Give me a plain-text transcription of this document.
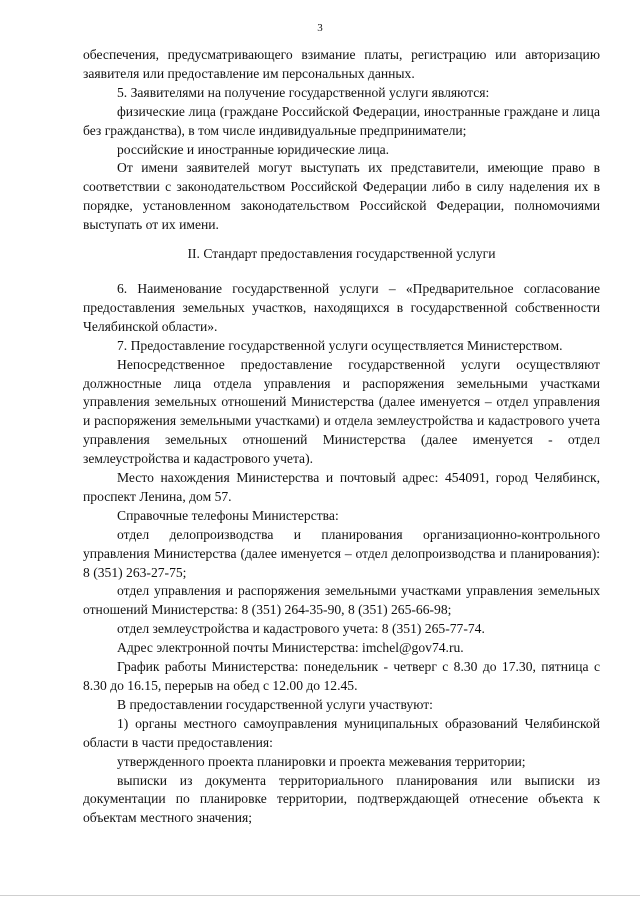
3

обеспечения, предусматривающего взимание платы, регистрацию или авторизацию заявителя или предоставление им персональных данных.

5. Заявителями на получение государственной услуги являются:

физические лица (граждане Российской Федерации, иностранные граждане и лица без гражданства), в том числе индивидуальные предприниматели;

российские и иностранные юридические лица.

От имени заявителей могут выступать их представители, имеющие право в соответствии с законодательством Российской Федерации либо в силу наделения их в порядке, установленном законодательством Российской Федерации, полномочиями выступать от их имени.

II. Стандарт предоставления государственной услуги

6. Наименование государственной услуги – «Предварительное согласование предоставления земельных участков, находящихся в государственной собственности Челябинской области».

7. Предоставление государственной услуги осуществляется Министерством.

Непосредственное предоставление государственной услуги осуществляют должностные лица отдела управления и распоряжения земельными участками управления земельных отношений Министерства (далее именуется – отдел управления и распоряжения земельными участками) и отдела землеустройства и кадастрового учета управления земельных отношений Министерства (далее именуется - отдел землеустройства и кадастрового учета).

Место нахождения Министерства и почтовый адрес: 454091, город Челябинск, проспект Ленина, дом 57.

Справочные телефоны Министерства:

отдел делопроизводства и планирования организационно-контрольного управления Министерства (далее именуется – отдел делопроизводства и планирования): 8 (351) 263-27-75;

отдел управления и распоряжения земельными участками управления земельных отношений Министерства: 8 (351) 264-35-90, 8 (351) 265-66-98;

отдел землеустройства и кадастрового учета: 8 (351) 265-77-74.

Адрес электронной почты Министерства: imchel@gov74.ru.

График работы Министерства: понедельник - четверг с 8.30 до 17.30, пятница с 8.30 до 16.15, перерыв на обед с 12.00 до 12.45.

В предоставлении государственной услуги участвуют:

1) органы местного самоуправления муниципальных образований Челябинской области в части предоставления:

утвержденного проекта планировки и проекта межевания территории;

выписки из документа территориального планирования или выписки из документации по планировке территории, подтверждающей отнесение объекта к объектам местного значения;
